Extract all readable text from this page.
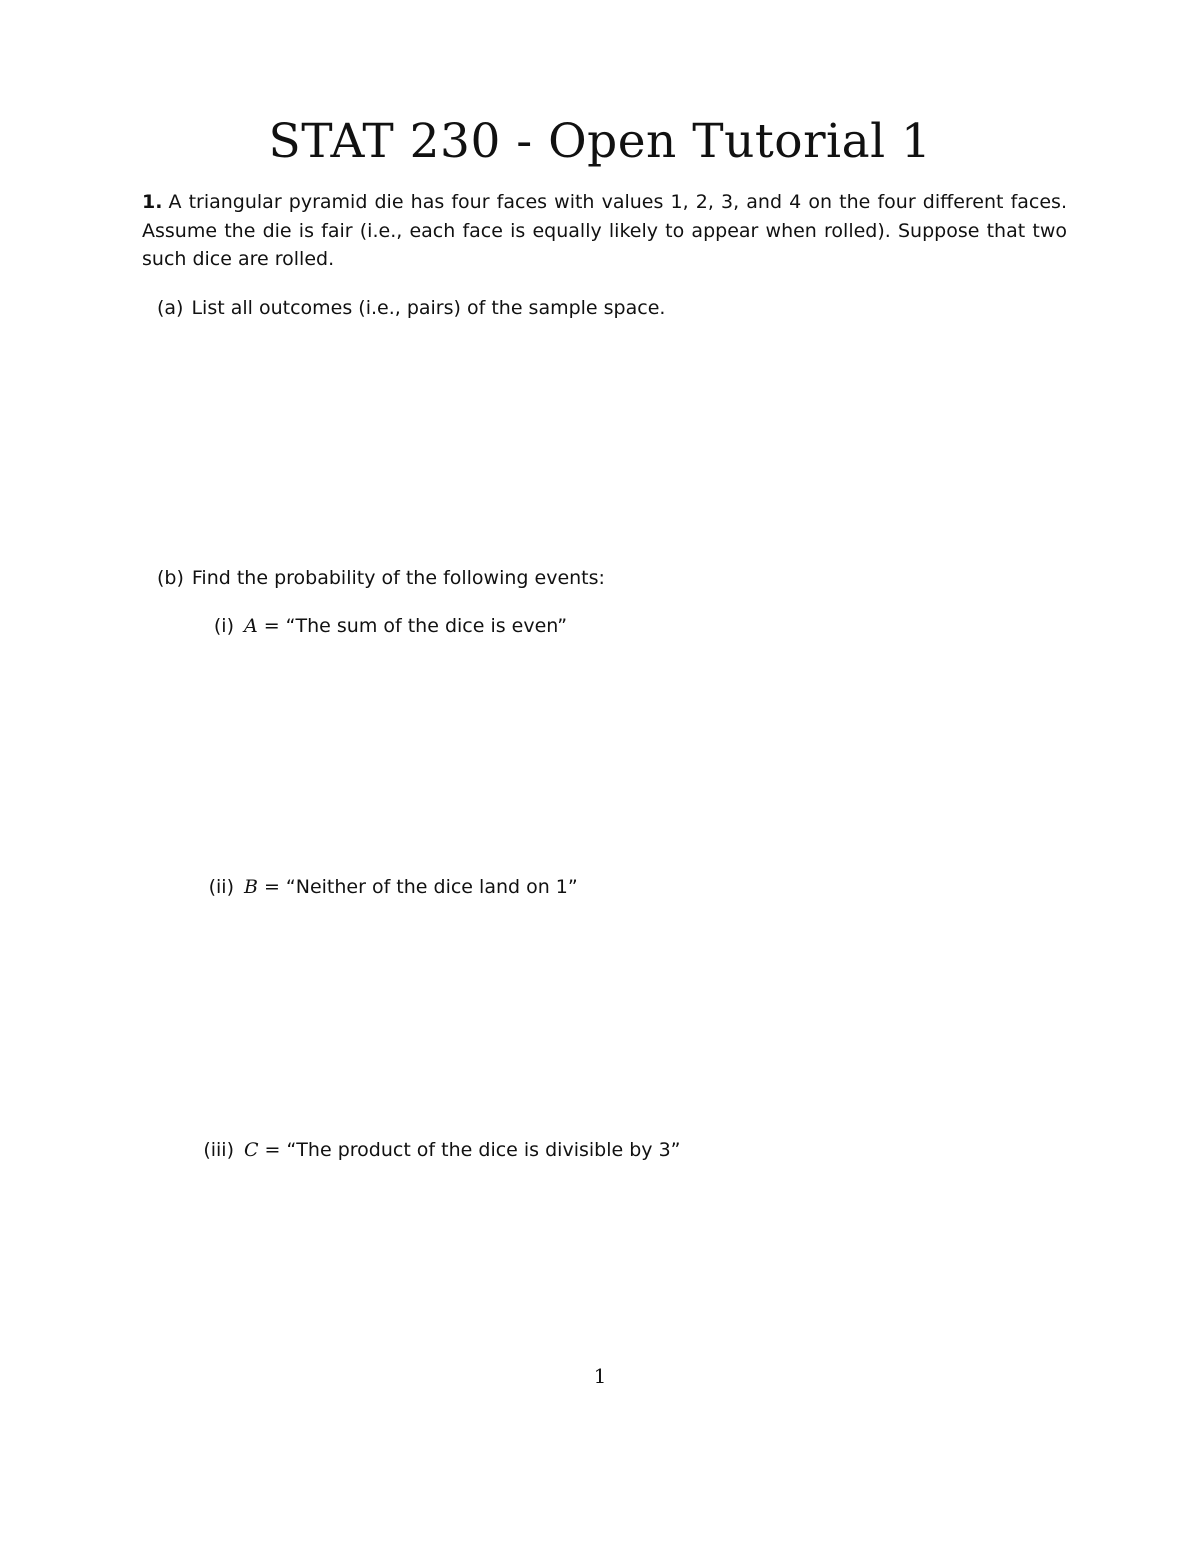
STAT 230 - Open Tutorial 1
1. A triangular pyramid die has four faces with values 1, 2, 3, and 4 on the four different faces. Assume the die is fair (i.e., each face is equally likely to appear when rolled). Suppose that two such dice are rolled.
(a) List all outcomes (i.e., pairs) of the sample space.
(b) Find the probability of the following events:
(i) A = “The sum of the dice is even”
(ii) B = “Neither of the dice land on 1”
(iii) C = “The product of the dice is divisible by 3”
1
